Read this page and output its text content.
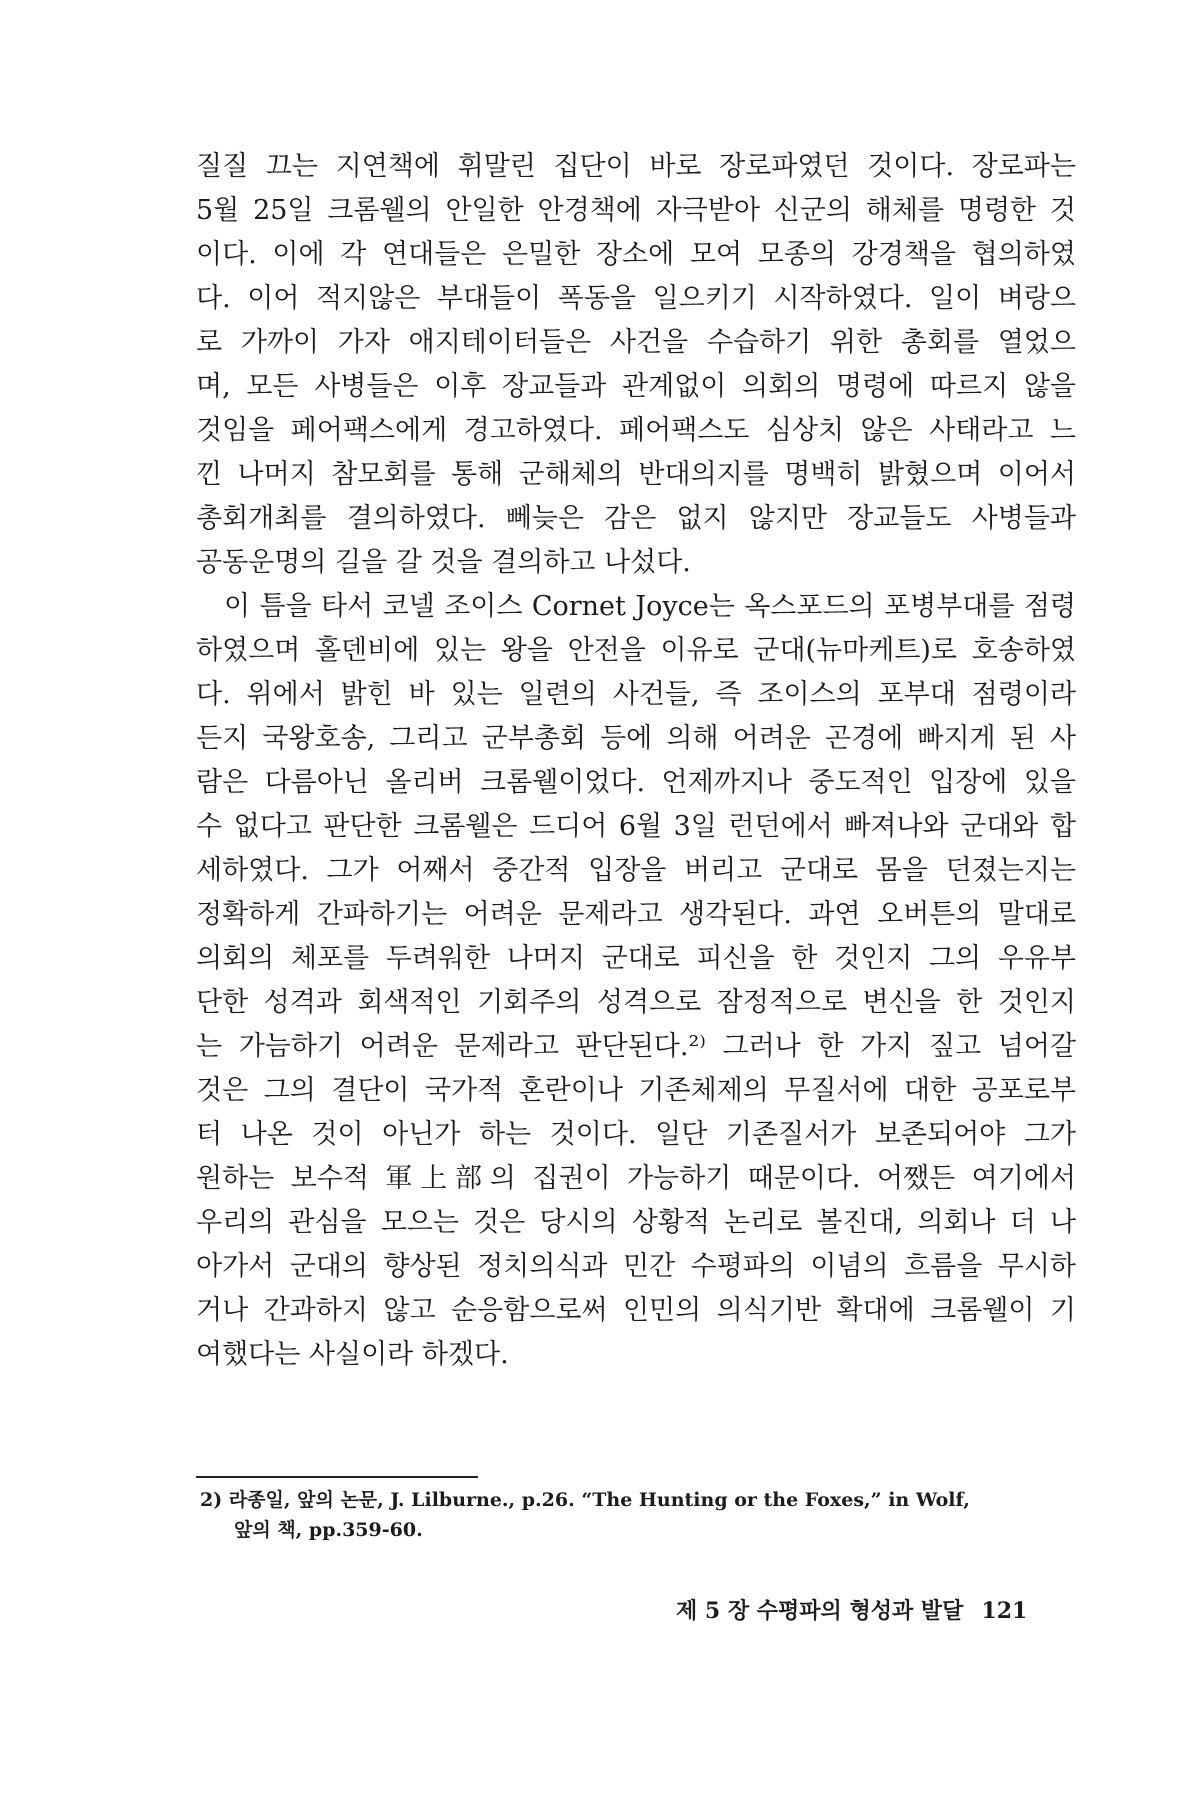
질질 끄는 지연책에 휘말린 집단이 바로 장로파였던 것이다. 장로파는
5월 25일 크롬웰의 안일한 안경책에 자극받아 신군의 해체를 명령한 것
이다. 이에 각 연대들은 은밀한 장소에 모여 모종의 강경책을 협의하였
다. 이어 적지않은 부대들이 폭동을 일으키기 시작하였다. 일이 벼랑으
로 가까이 가자 애지테이터들은 사건을 수습하기 위한 총회를 열었으
며, 모든 사병들은 이후 장교들과 관계없이 의회의 명령에 따르지 않을
것임을 페어팩스에게 경고하였다. 페어팩스도 심상치 않은 사태라고 느
낀 나머지 참모회를 통해 군해체의 반대의지를 명백히 밝혔으며 이어서
총회개최를 결의하였다. 뻬늦은 감은 없지 않지만 장교들도 사병들과
공동운명의 길을 갈 것을 결의하고 나섰다.
이 틈을 타서 코넬 조이스 Cornet Joyce는 옥스포드의 포병부대를 점령
하였으며 홀덴비에 있는 왕을 안전을 이유로 군대(뉴마케트)로 호송하였
다. 위에서 밝힌 바 있는 일련의 사건들, 즉 조이스의 포부대 점령이라
든지 국왕호송, 그리고 군부총회 등에 의해 어려운 곤경에 빠지게 된 사
람은 다름아닌 올리버 크롬웰이었다. 언제까지나 중도적인 입장에 있을
수 없다고 판단한 크롬웰은 드디어 6월 3일 런던에서 빠져나와 군대와 합
세하였다. 그가 어째서 중간적 입장을 버리고 군대로 몸을 던졌는지는
정확하게 간파하기는 어려운 문제라고 생각된다. 과연 오버튼의 말대로
의회의 체포를 두려워한 나머지 군대로 피신을 한 것인지 그의 우유부
단한 성격과 회색적인 기회주의 성격으로 잠정적으로 변신을 한 것인지
는 가늠하기 어려운 문제라고 판단된다.²⁾ 그러나 한 가지 짚고 넘어갈
것은 그의 결단이 국가적 혼란이나 기존체제의 무질서에 대한 공포로부
터 나온 것이 아닌가 하는 것이다. 일단 기존질서가 보존되어야 그가
원하는 보수적 軍上部의 집권이 가능하기 때문이다. 어쨌든 여기에서
우리의 관심을 모으는 것은 당시의 상황적 논리로 볼진대, 의회나 더 나
아가서 군대의 향상된 정치의식과 민간 수평파의 이념의 흐름을 무시하
거나 간과하지 않고 순응함으로써 인민의 의식기반 확대에 크롬웰이 기
여했다는 사실이라 하겠다.
2) 라종일, 앞의 논문, J. Lilburne., p.26. “The Hunting or the Foxes,” in Wolf,
앞의 책, pp.359-60.
제 5 장 수평파의 형성과 발달 121
